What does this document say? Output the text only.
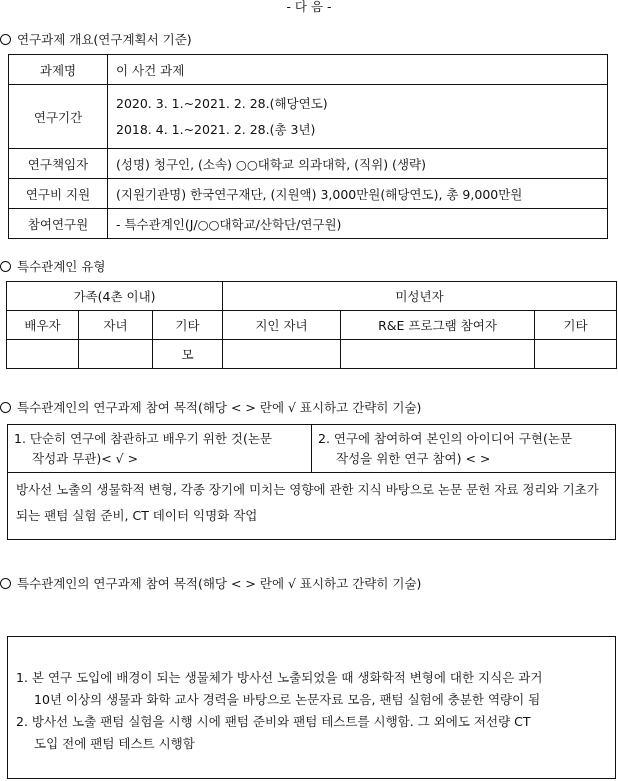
- 다 음 -
연구과제 개요(연구계획서 기준)
과제명	이 사건 과제
연구기간	2020. 3. 1.~2021. 2. 28.(해당연도)
2018. 4. 1.~2021. 2. 28.(총 3년)

연구책임자	(성명) 청구인, (소속) ○○대학교 의과대학, (직위) (생략)
연구비 지원	(지원기관명) 한국연구재단, (지원액) 3,000만원(해당연도), 총 9,000만원
참여연구원	- 특수관계인(J/○○대학교/산학단/연구원)
특수관계인 유형
가족(4촌 이내)			미성년자		
배우자	자녀	기타	지인 자녀	R&E 프로그램 참여자	기타
		모			
특수관계인의 연구과제 참여 목적(해당 < > 란에 √ 표시하고 간략히 기술)
1. 단순히 연구에 참관하고 배우기 위한 것(논문
작성과 무관)< √ >
2. 연구에 참여하여 본인의 아이디어 구현(논문
작성을 위한 연구 참여) < >
방사선 노출의 생물학적 변형, 각종 장기에 미치는 영향에 관한 지식 바탕으로 논문 문헌 자료 정리와 기초가 되는 팬텀 실험 준비, CT 데이터 익명화 작업
특수관계인의 연구과제 참여 목적(해당 < > 란에 √ 표시하고 간략히 기술)

1. 본 연구 도입에 배경이 되는 생물체가 방사선 노출되었을 때 생화학적 변형에 대한 지식은 과거

10년 이상의 생물과 화학 교사 경력을 바탕으로 논문자료 모음, 팬텀 실험에 충분한 역량이 됨

2. 방사선 노출 팬텀 실험을 시행 시에 팬텀 준비와 팬텀 테스트를 시행함. 그 외에도 저선량 CT

도입 전에 팬텀 테스트 시행함
